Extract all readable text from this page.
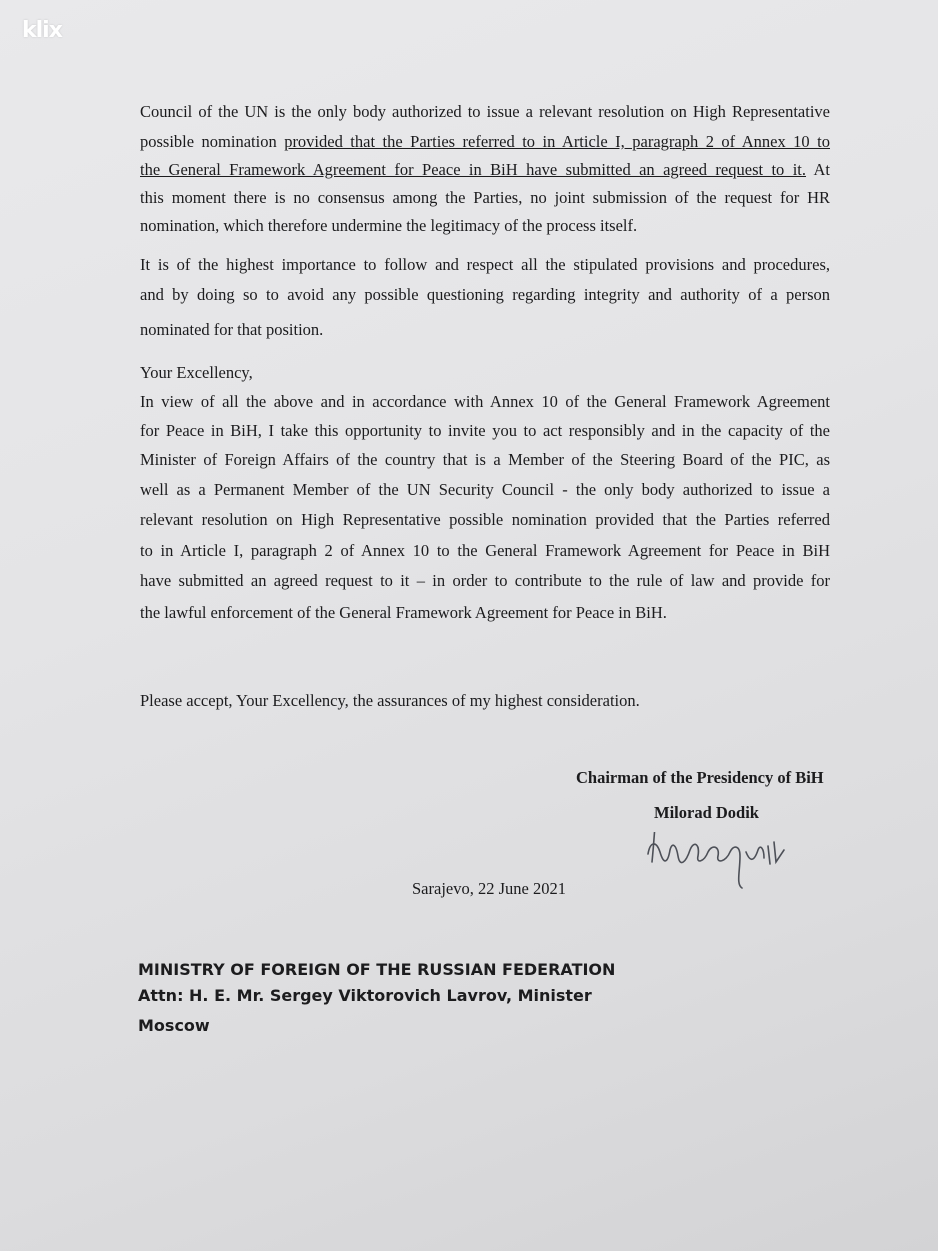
klix
Council of the UN is the only body authorized to issue a relevant resolution on High Representative
possible nomination provided that the Parties referred to in Article I, paragraph 2 of Annex 10 to
the General Framework Agreement for Peace in BiH have submitted an agreed request to it. At
this moment there is no consensus among the Parties, no joint submission of the request for HR
nomination, which therefore undermine the legitimacy of the process itself.
It is of the highest importance to follow and respect all the stipulated provisions and procedures,
and by doing so to avoid any possible questioning regarding integrity and authority of a person
nominated for that position.
Your Excellency,
In view of all the above and in accordance with Annex 10 of the General Framework Agreement
for Peace in BiH, I take this opportunity to invite you to act responsibly and in the capacity of the
Minister of Foreign Affairs of the country that is a Member of the Steering Board of the PIC, as
well as a Permanent Member of the UN Security Council - the only body authorized to issue a
relevant resolution on High Representative possible nomination provided that the Parties referred
to in Article I, paragraph 2 of Annex 10 to the General Framework Agreement for Peace in BiH
have submitted an agreed request to it – in order to contribute to the rule of law and provide for
the lawful enforcement of the General Framework Agreement for Peace in BiH.
Please accept, Your Excellency, the assurances of my highest consideration.
Chairman of the Presidency of BiH
Milorad Dodik
Sarajevo, 22 June 2021
MINISTRY OF FOREIGN OF THE RUSSIAN FEDERATION
Attn: H. E. Mr. Sergey Viktorovich Lavrov, Minister
Moscow
